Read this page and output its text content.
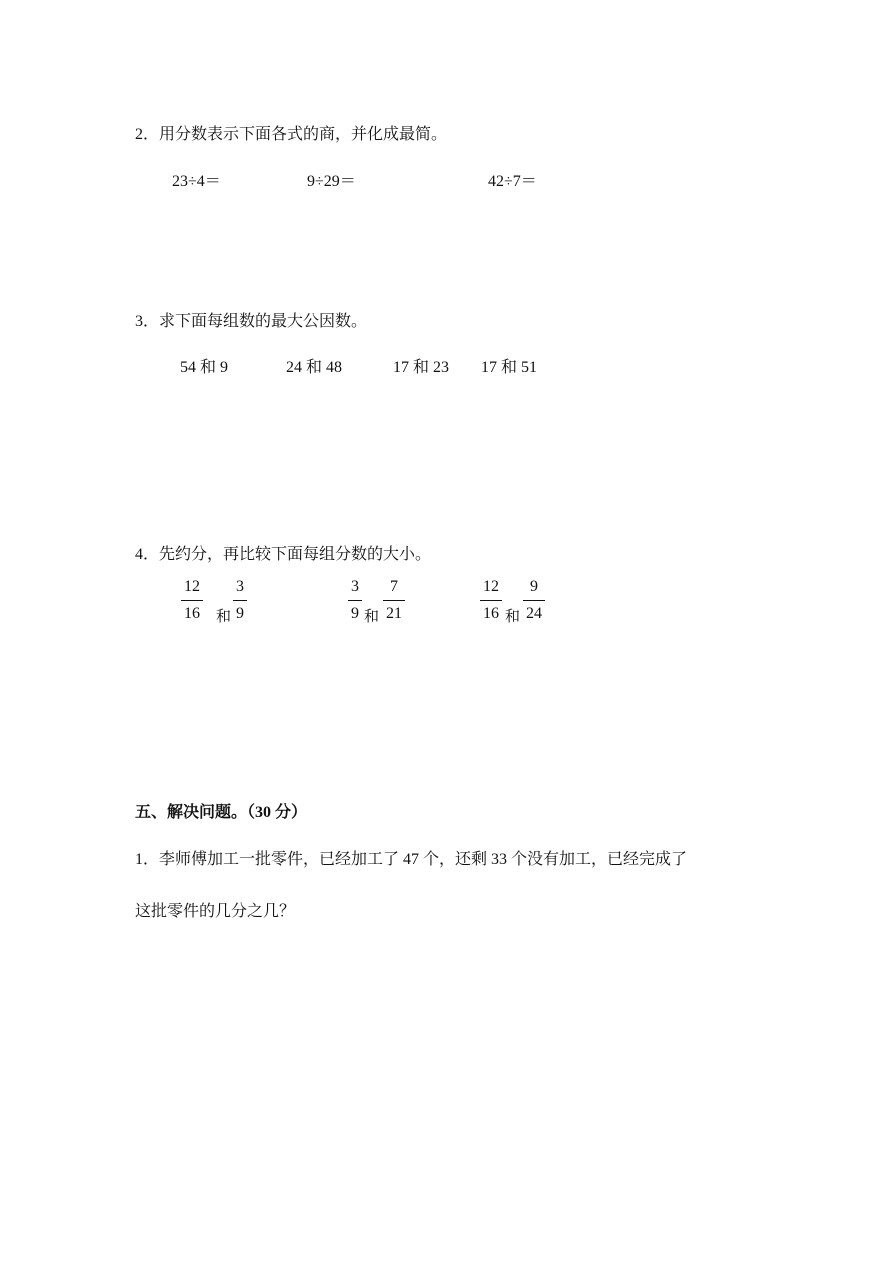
2．用分数表示下面各式的商，并化成最简。
23÷4＝	9÷29＝	42÷7＝
3．求下面每组数的最大公因数。
54 和 9	24 和 48	17 和 23 17 和 51
4．先约分，再比较下面每组分数的大小。
12
16 和
3
9
3
9 和
7
21
12
16 和
9
24
五、解决问题。（30 分）
1．李师傅加工一批零件，已经加工了 47 个，还剩 33 个没有加工，已经完成了
这批零件的几分之几？
